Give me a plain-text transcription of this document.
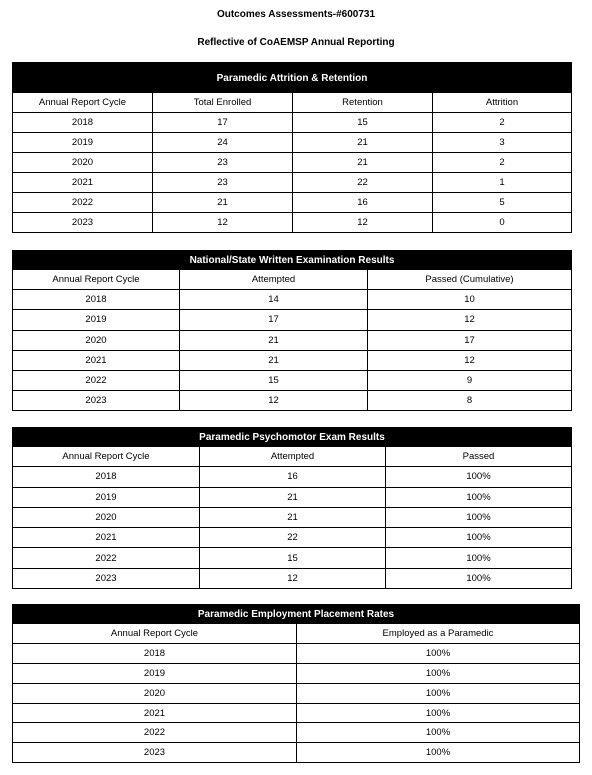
Outcomes Assessments-#600731
Reflective of CoAEMSP Annual Reporting
Paramedic Attrition & Retention
Annual Report Cycle	Total Enrolled	Retention	Attrition
2018	17	15	2
2019	24	21	3
2020	23	21	2
2021	23	22	1
2022	21	16	5
2023	12	12	0
National/State Written Examination Results
Annual Report Cycle	Attempted	Passed (Cumulative)
2018	14	10
2019	17	12
2020	21	17
2021	21	12
2022	15	9
2023	12	8
Paramedic Psychomotor Exam Results
Annual Report Cycle	Attempted	Passed
2018	16	100%
2019	21	100%
2020	21	100%
2021	22	100%
2022	15	100%
2023	12	100%
Paramedic Employment Placement Rates
Annual Report Cycle	Employed as a Paramedic
2018	100%
2019	100%
2020	100%
2021	100%
2022	100%
2023	100%
